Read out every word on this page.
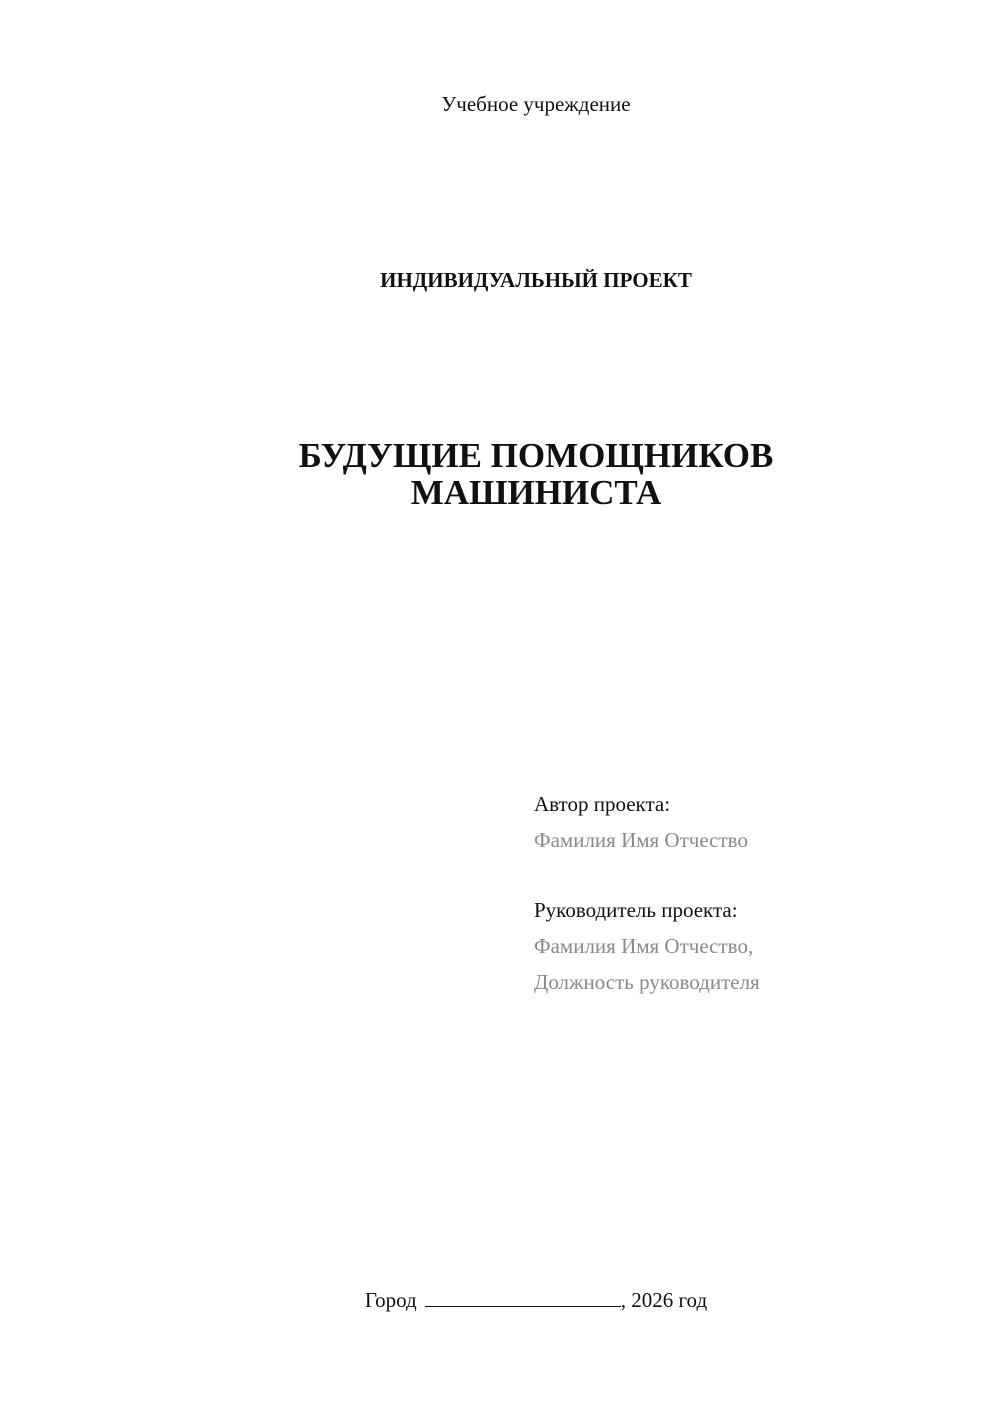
Учебное учреждение
ИНДИВИДУАЛЬНЫЙ ПРОЕКТ
БУДУЩИЕ ПОМОЩНИКОВ
МАШИНИСТА
Автор проекта:
Фамилия Имя Отчество
Руководитель проекта:
Фамилия Имя Отчество,
Должность руководителя
Город	, 2026 год
